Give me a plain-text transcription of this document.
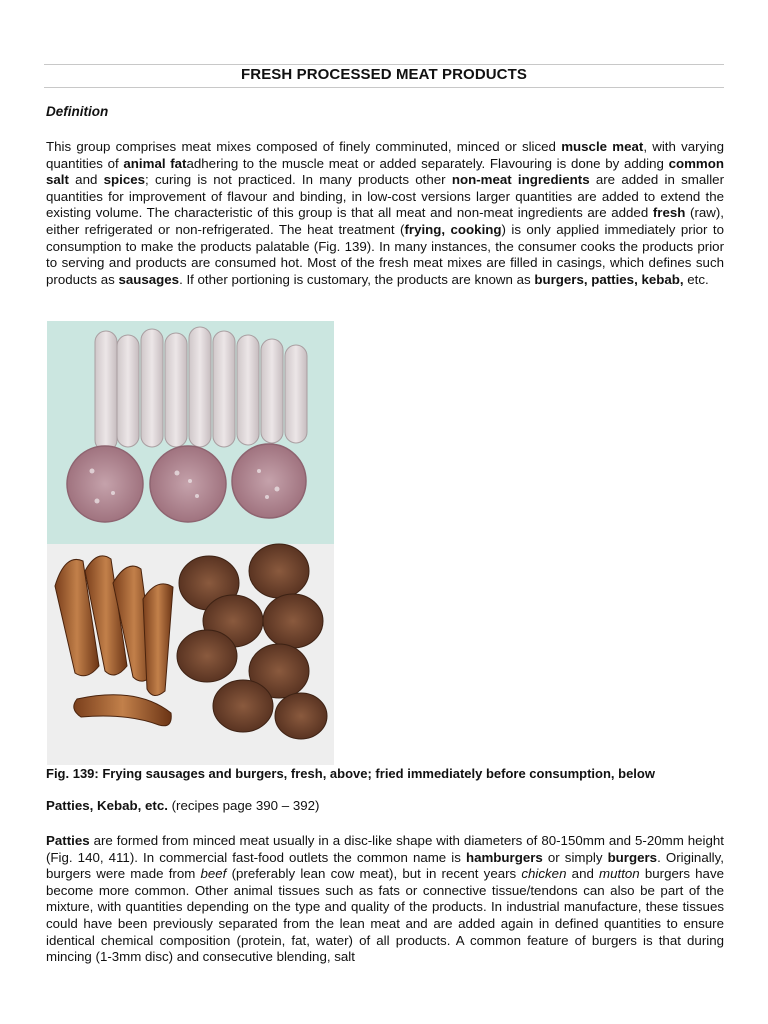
FRESH PROCESSED MEAT PRODUCTS
Definition

This group comprises meat mixes composed of finely comminuted, minced or sliced muscle meat, with varying quantities of animal fatadhering to the muscle meat or added separately. Flavouring is done by adding common salt and spices; curing is not practiced. In many products other non-meat ingredients are added in smaller quantities for improvement of flavour and binding, in low-cost versions larger quantities are added to extend the existing volume. The characteristic of this group is that all meat and non-meat ingredients are added fresh (raw), either refrigerated or non-refrigerated. The heat treatment (frying, cooking) is only applied immediately prior to consumption to make the products palatable (Fig. 139). In many instances, the consumer cooks the products prior to serving and products are consumed hot. Most of the fresh meat mixes are filled in casings, which defines such products as sausages. If other portioning is customary, the products are known as burgers, patties, kebab, etc.

Fig. 139: Frying sausages and burgers, fresh, above; fried immediately before consumption, below
Patties, Kebab, etc. (recipes page 390 – 392)

Patties are formed from minced meat usually in a disc-like shape with diameters of 80-150mm and 5-20mm height (Fig. 140, 411). In commercial fast-food outlets the common name is hamburgers or simply burgers. Originally, burgers were made from beef (preferably lean cow meat), but in recent years chicken and mutton burgers have become more common. Other animal tissues such as fats or connective tissue/tendons can also be part of the mixture, with quantities depending on the type and quality of the products. In industrial manufacture, these tissues could have been previously separated from the lean meat and are added again in defined quantities to ensure identical chemical composition (protein, fat, water) of all products. A common feature of burgers is that during mincing (1-3mm disc) and consecutive blending, salt
